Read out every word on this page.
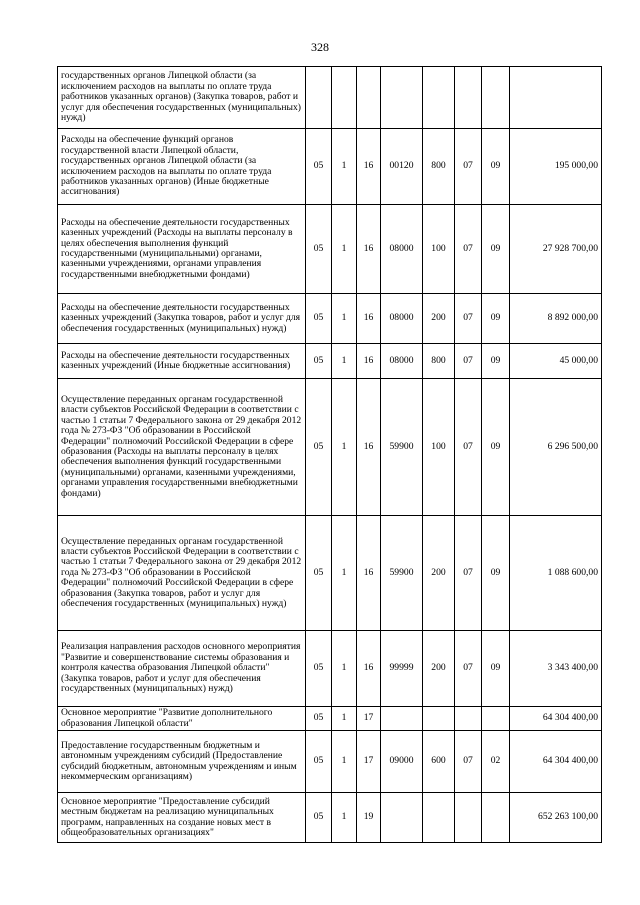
328
государственных органов Липецкой области (за исключением расходов на выплаты по оплате труда работников указанных органов) (Закупка товаров, работ и услуг для обеспечения государственных (муниципальных) нужд)								
Расходы на обеспечение функций органов государственной власти Липецкой области, государственных органов Липецкой области (за исключением расходов на выплаты по оплате труда работников указанных органов) (Иные бюджетные ассигнования)	05	1	16	00120	800	07	09	195 000,00
Расходы на обеспечение деятельности государственных казенных учреждений (Расходы на выплаты персоналу в целях обеспечения выполнения функций государственными (муниципальными) органами, казенными учреждениями, органами управления государственными внебюджетными фондами)	05	1	16	08000	100	07	09	27 928 700,00
Расходы на обеспечение деятельности государственных казенных учреждений (Закупка товаров, работ и услуг для обеспечения государственных (муниципальных) нужд)	05	1	16	08000	200	07	09	8 892 000,00
Расходы на обеспечение деятельности государственных казенных учреждений (Иные бюджетные ассигнования)	05	1	16	08000	800	07	09	45 000,00
Осуществление переданных органам государственной власти субъектов Российской Федерации в соответствии с частью 1 статьи 7 Федерального закона от 29 декабря 2012 года № 273-ФЗ "Об образовании в Российской Федерации" полномочий Российской Федерации в сфере образования (Расходы на выплаты персоналу в целях обеспечения выполнения функций государственными (муниципальными) органами, казенными учреждениями, органами управления государственными внебюджетными фондами)	05	1	16	59900	100	07	09	6 296 500,00
Осуществление переданных органам государственной власти субъектов Российской Федерации в соответствии с частью 1 статьи 7 Федерального закона от 29 декабря 2012 года № 273-ФЗ "Об образовании в Российской Федерации" полномочий Российской Федерации в сфере образования (Закупка товаров, работ и услуг для обеспечения государственных (муниципальных) нужд)	05	1	16	59900	200	07	09	1 088 600,00
Реализация направления расходов основного мероприятия "Развитие и совершенствование системы образования и контроля качества образования Липецкой области" (Закупка товаров, работ и услуг для обеспечения государственных (муниципальных) нужд)	05	1	16	99999	200	07	09	3 343 400,00
Основное мероприятие "Развитие дополнительного образования Липецкой области"	05	1	17					64 304 400,00
Предоставление государственным бюджетным и автономным учреждениям субсидий (Предоставление субсидий бюджетным, автономным учреждениям и иным некоммерческим организациям)	05	1	17	09000	600	07	02	64 304 400,00
Основное мероприятие "Предоставление субсидий местным бюджетам на реализацию муниципальных программ, направленных на создание новых мест в общеобразовательных организациях"	05	1	19					652 263 100,00
